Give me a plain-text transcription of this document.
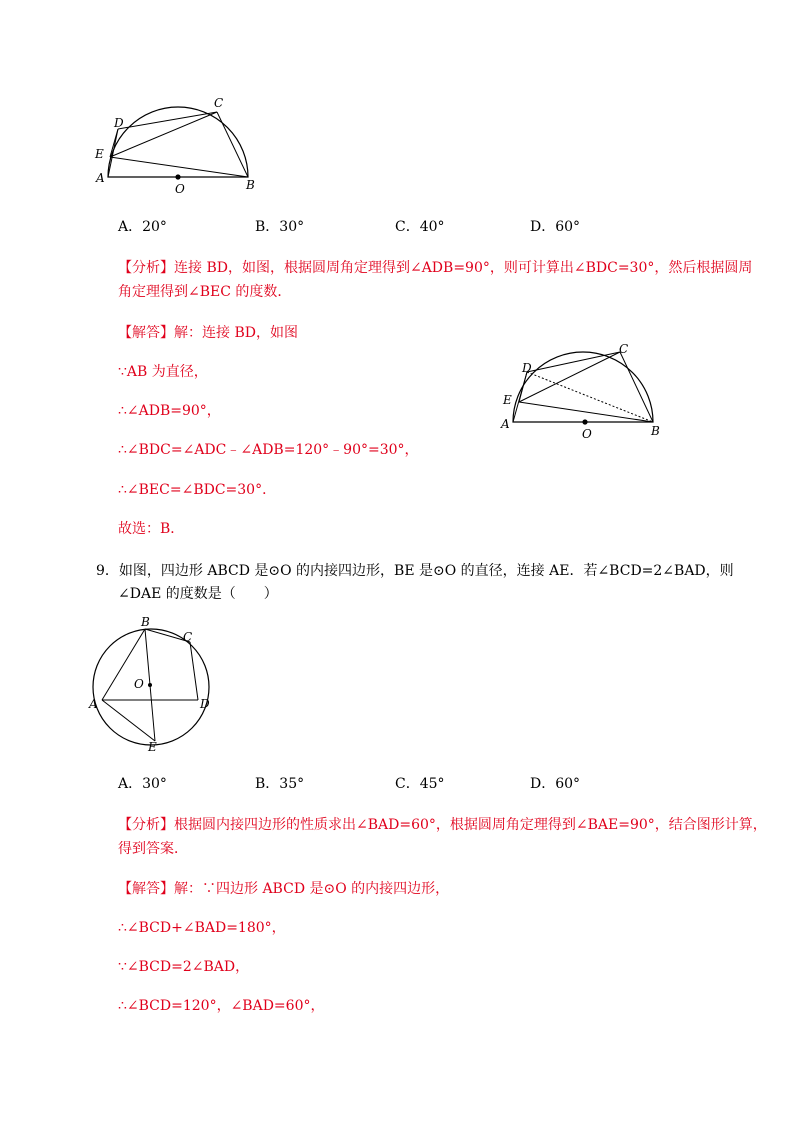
D
C
E
A
O	B
A．20°	B．30°	C．40°	D．60°
【分析】连接 BD，如图，根据圆周角定理得到∠ADB=90°，则可计算出∠BDC=30°，然后根据圆周
角定理得到∠BEC 的度数．
【解答】解：连接 BD，如图
∵AB 为直径，
∴∠ADB=90°，
∴∠BDC=∠ADC﹣∠ADB=120°﹣90°=30°，
∴∠BEC=∠BDC=30°．
故选：B．
D
C
E
A
O	B
9．如图，四边形 ABCD 是⊙O 的内接四边形，BE 是⊙O 的直径，连接 AE．若∠BCD=2∠BAD，则
∠DAE 的度数是（　　）
B
C
O
A	D
E
A．30°	B．35°	C．45°	D．60°
【分析】根据圆内接四边形的性质求出∠BAD=60°，根据圆周角定理得到∠BAE=90°，结合图形计算，
得到答案．
【解答】解：∵四边形 ABCD 是⊙O 的内接四边形，
∴∠BCD+∠BAD=180°，
∵∠BCD=2∠BAD，
∴∠BCD=120°，∠BAD=60°，
